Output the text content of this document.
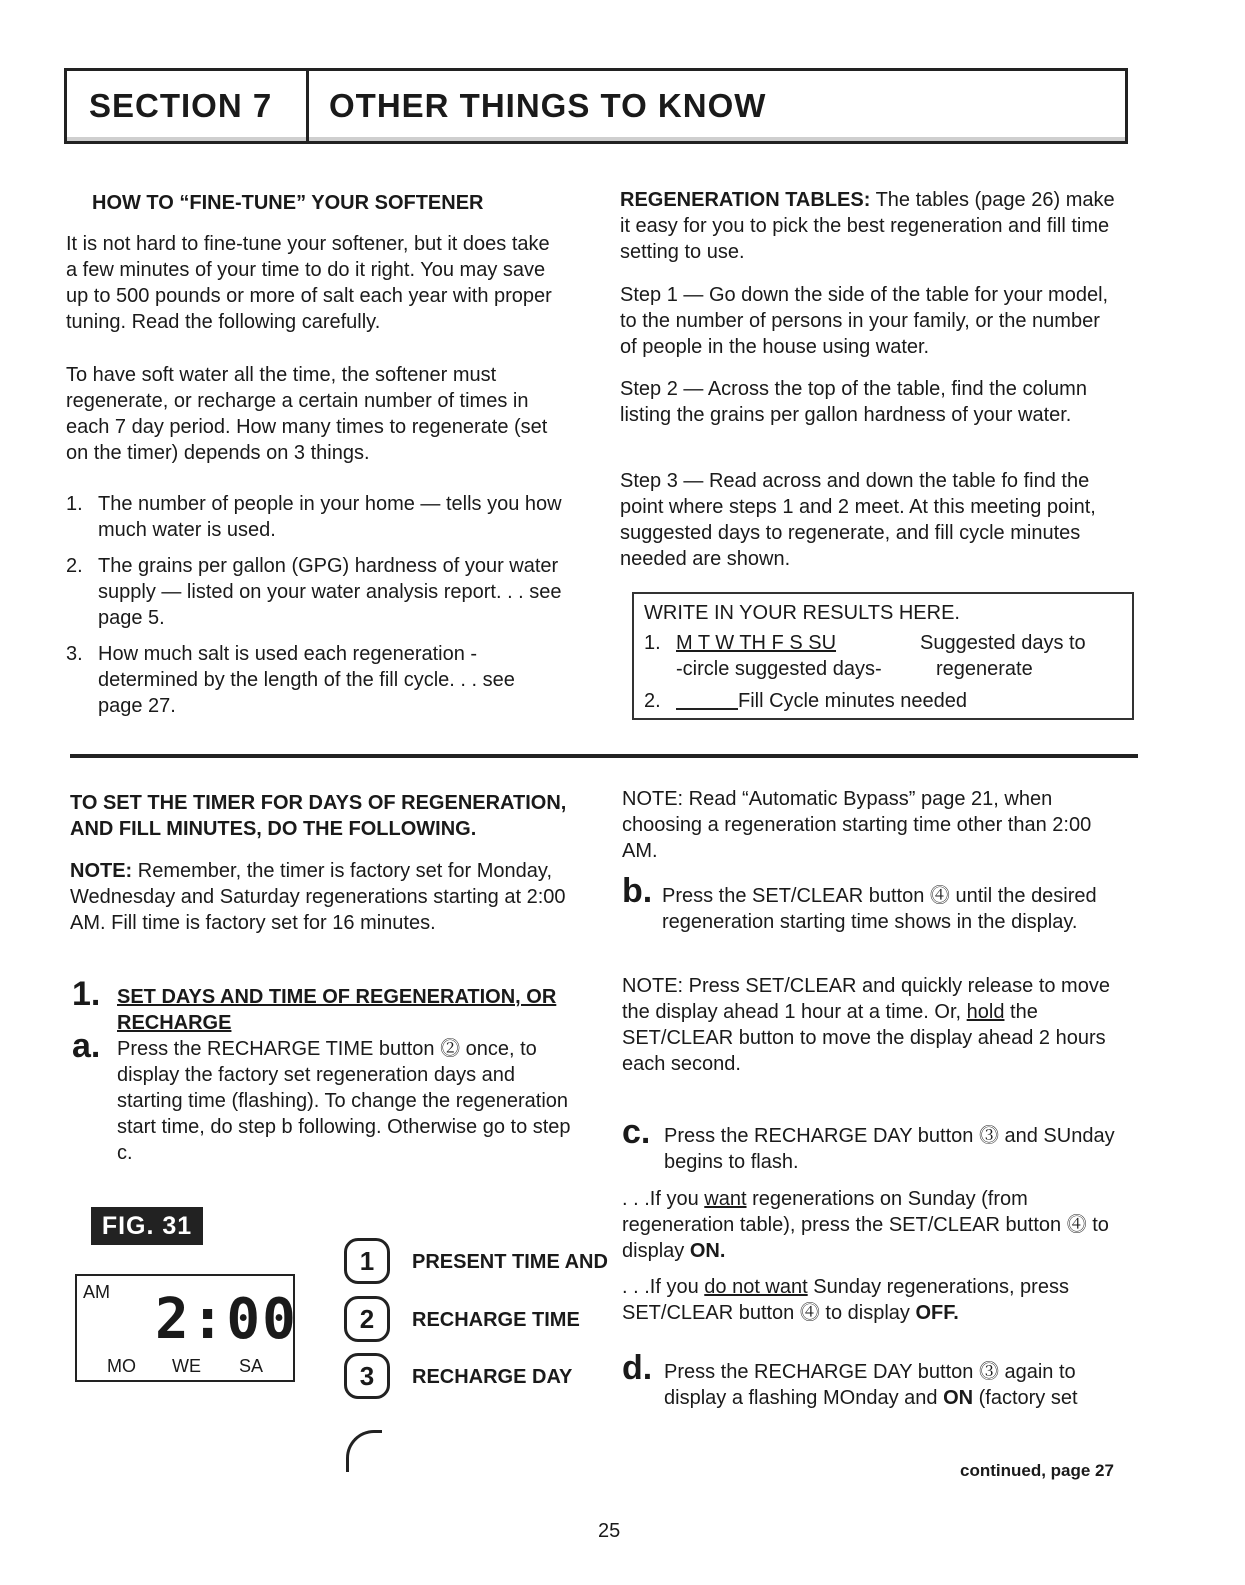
SECTION 7	OTHER THINGS TO KNOW

HOW TO “FINE-TUNE” YOUR SOFTENER

It is not hard to fine-tune your softener, but it does take a few minutes of your time to do it right. You may save up to 500 pounds or more of salt each year with proper tuning. Read the following carefully.

To have soft water all the time, the softener must regenerate, or recharge a certain number of times in each 7 day period. How many times to regenerate (set on the timer) depends on 3 things.

1. The number of people in your home — tells you how much water is used.
2. The grains per gallon (GPG) hardness of your water supply — listed on your water analysis report. . . see page 5.
3. How much salt is used each regeneration - determined by the length of the fill cycle. . . see page 27.

REGENERATION TABLES: The tables (page 26) make it easy for you to pick the best regeneration and fill time setting to use.

Step 1 — Go down the side of the table for your model, to the number of persons in your family, or the number of people in the house using water.

Step 2 — Across the top of the table, find the column listing the grains per gallon hardness of your water.

Step 3 — Read across and down the table fo find the point where steps 1 and 2 meet. At this meeting point, suggested days to regenerate, and fill cycle minutes needed are shown.

WRITE IN YOUR RESULTS HERE.
1. M T W TH F S SU	Suggested days to
-circle suggested days-	regenerate
2.	Fill Cycle minutes needed

TO SET THE TIMER FOR DAYS OF REGENERATION, AND FILL MINUTES, DO THE FOLLOWING.

NOTE: Remember, the timer is factory set for Monday, Wednesday and Saturday regenerations starting at 2:00 AM. Fill time is factory set for 16 minutes.

1. SET DAYS AND TIME OF REGENERATION, OR RECHARGE

a. Press the RECHARGE TIME button ⓶ once, to display the factory set regeneration days and starting time (flashing). To change the regeneration start time, do step b following. Otherwise go to step c.

FIG. 31
AM 2:00
MO WE SA
1	PRESENT TIME AND
2	RECHARGE TIME
3	RECHARGE DAY

NOTE: Read “Automatic Bypass” page 21, when choosing a regeneration starting time other than 2:00 AM.

b. Press the SET/CLEAR button ⓸ until the desired regeneration starting time shows in the display.

NOTE: Press SET/CLEAR and quickly release to move the display ahead 1 hour at a time. Or, hold the SET/CLEAR button to move the display ahead 2 hours each second.

c. Press the RECHARGE DAY button ⓷ and SUnday begins to flash.

. . .If you want regenerations on Sunday (from regeneration table), press the SET/CLEAR button ⓸ to display ON.

. . .If you do not want Sunday regenerations, press SET/CLEAR button ⓸ to display OFF.

d. Press the RECHARGE DAY button ⓷ again to display a flashing MOnday and ON (factory set

continued, page 27
25
